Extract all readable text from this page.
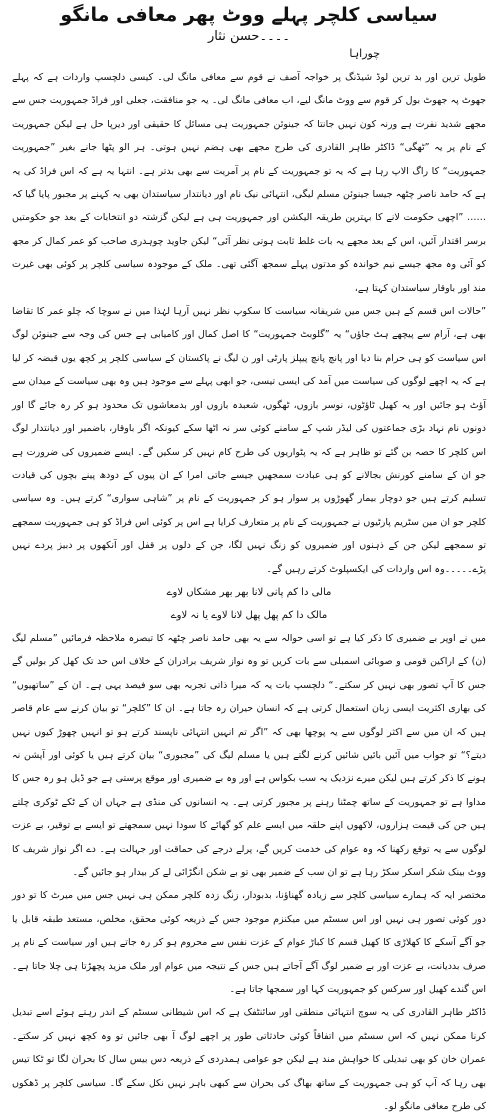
سیاسی کلچر پہلے ووٹ پھر معافی مانگو

۔۔۔۔حسن نثار

چوراہا

طویل ترین اور بد ترین لوڈ شیڈنگ پر خواجہ آصف نے قوم سے معافی مانگ لی۔ کیسی دلچسپ واردات ہے کہ پہلے جھوٹ پہ جھوٹ بول کر قوم سے ووٹ مانگ لیے، اب معافی مانگ لی۔ یہ جو منافقت، جعلی اور فراڈ جمہوریت جس سے مجھے شدید نفرت ہے ورنہ کون نہیں جانتا کہ جینوئن جمہوریت ہی مسائل کا حقیقی اور دیرپا حل ہے لیکن جمہوریت کے نام پر یہ ”ٹھگی“ ڈاکٹر طاہر القادری کی طرح مجھے بھی ہضم نہیں ہوتی۔ ہر الو پٹھا جانے بغیر ”جمہوریت جمہوریت“ کا راگ الاپ رہا ہے کہ یہ تو جمہوریت کے نام پر آمریت سے بھی بدتر ہے۔ انتہا یہ ہے کہ اس فراڈ کی یہ ہے کہ حامد ناصر چٹھہ جیسا جینوئن مسلم لیگی، انتہائی نیک نام اور دیانتدار سیاستدان بھی یہ کہنے پر مجبور پایا گیا کہ …… ”اچھی حکومت لانے کا بہترین طریقہ الیکشن اور جمہوریت ہی ہے لیکن گزشتہ دو انتخابات کے بعد جو حکومتیں برسر اقتدار آئیں، اس کے بعد مجھے یہ بات غلط ثابت ہوتی نظر آئی“ لیکن جاوید چوہدری صاحب کو عمر کمال کر مجھ کو آئی وہ مجھ جیسے نیم خواندہ کو مدتوں پہلے سمجھ آگئی تھی۔ ملک کے موجودہ سیاسی کلچر پر کوئی بھی غیرت مند اور باوقار سیاستدان کہتا ہے،

”حالات اس قسم کے ہیں جس میں شریفانہ سیاست کا سکوپ نظر نہیں آرہا لہٰذا میں نے سوچا کہ چلو عمر کا تقاضا بھی ہے، آرام سے پیچھے ہٹ جاؤں“ یہ ”گلوبٹ جمہوریت“ کا اصل کمال اور کامیابی ہے جس کی وجہ سے جینوئن لوگ اس سیاست کو ہی حرام بنا دیا اور پانچ پانچ پیپلز پارٹی اور ن لیگ نے پاکستان کے سیاسی کلچر پر کچھ یوں قبضہ کر لیا ہے کہ یہ اچھے لوگوں کی سیاست میں آمد کی ایسی تیسی، جو ابھی پہلے سے موجود ہیں وہ بھی سیاست کے میدان سے آؤٹ ہو جائیں اور یہ کھیل ٹاؤٹوں، نوسر بازوں، ٹھگوں، شعبدہ بازوں اور بدمعاشوں تک محدود ہو کر رہ جائے گا اور دونوں نام نہاد بڑی جماعتوں کی لیڈر شپ کے سامنے کوئی سر نہ اٹھا سکے کیونکہ اگر باوقار، باضمیر اور دیانتدار لوگ اس کلچر کا حصہ بن گئے تو ظاہر ہے کہ یہ پٹواریوں کی طرح کام نہیں کر سکیں گے۔ ایسے ضمیروں کی ضرورت ہے جو ان کے سامنے کورنش بجالانے کو ہی عبادت سمجھیں جیسے جاتی امرا کے ان پیوں کے دودھ پینے بچوں کی قیادت تسلیم کرتے ہیں جو دوچار بیمار گھوڑوں پر سوار ہو کر جمہوریت کے نام پر ”شاہی سواری“ کرتے ہیں۔ وہ سیاسی کلچر جو ان مین سٹریم پارٹیوں نے جمہوریت کے نام پر متعارف کرایا ہے اس پر کوئی اس فراڈ کو ہی جمہوریت سمجھے تو سمجھے لیکن جن کے ذہنوں اور ضمیروں کو زنگ نہیں لگا، جن کے دلوں پر قفل اور آنکھوں پر دبیز پردے نہیں پڑے۔۔۔۔۔وہ اس واردات کی ایکسپلوٹ کرتے رہیں گے۔

مالی دا کم پانی لانا بھر بھر مشکاں لاوے

مالک دا کم پھل پھل لانا لاوے یا نہ لاوے

میں نے اوپر بے ضمیری کا ذکر کیا ہے تو اسی حوالہ سے یہ بھی حامد ناصر چٹھہ کا تبصرہ ملاحظہ فرمائیں ”مسلم لیگ (ن) کے اراکین قومی و صوبائی اسمبلی سے بات کریں تو وہ نواز شریف برادران کے خلاف اس حد تک کھل کر بولیں گے جس کا آپ تصور بھی نہیں کر سکتے۔“ دلچسپ بات یہ کہ میرا ذاتی تجربہ بھی سو فیصد یہی ہے۔ ان کے ”ساتھیوں“ کی بھاری اکثریت ایسی زبان استعمال کرتی ہے کہ انسان حیران رہ جاتا ہے۔ ان کا ”کلچر“ تو بیان کرنے سے عام قاصر ہیں کہ ان میں سے اکثر لوگوں سے یہ پوچھا بھی کہ ”اگر تم انہیں انتہائی ناپسند کرتے ہو تو انہیں چھوڑ کیوں نہیں دیتے؟“ تو جواب میں آئیں بائیں شائیں کرنے لگتے ہیں یا مسلم لیگ کی ”مجبوری“ بیان کرتے ہیں یا کوئی اور آپشن نہ ہونے کا ذکر کرتے ہیں لیکن میرے نزدیک یہ سب بکواس ہے اور وہ بے ضمیری اور موقع پرستی ہے جو ڈیل ہو رہ جس کا مداوا ہے تو جمہوریت کے ساتھ چمٹنا رہنے پر مجبور کرتی ہے۔ یہ انسانوں کی منڈی ہے جہاں ان کے ٹکے ٹوکری چلتے ہیں جن کی قیمت ہزاروں، لاکھوں اپنے حلقہ میں ایسے علم کو گھائے کا سودا نہیں سمجھتے تو ایسے بے توقیر، بے عزت لوگوں سے یہ توقع رکھنا کہ وہ عوام کی خدمت کریں گے، پرلے درجے کی حماقت اور جہالت ہے۔ دے اگر نواز شریف کا ووٹ بینک شکر اسکر سکڑ رہا ہے تو ان سب کے ضمیر بھی تو بے شکن انگڑائی لے کر بیدار ہو جائیں گے۔

مختصر ایہ کہ ہمارے سیاسی کلچر سے زیادہ گھناؤنا، بدبودار، زنگ زدہ کلچر ممکن ہی نہیں جس میں میرٹ کا تو دور دور کوئی تصور ہی نہیں اور اس سسٹم میں میکنزم موجود جس کے ذریعہ کوئی محقق، مخلص، مستعد طبقہ قابل یا جو آگے آسکے کا کھلاڑی کا کھیل قسم کا کباڑ عوام کے عزت نفس سے محروم ہو کر رہ جاتے ہیں اور سیاست کے نام پر صرف بددیانت، بے عزت اور بے ضمیر لوگ آگے آجاتے ہیں جس کے نتیجہ میں عوام اور ملک مزید پچھڑتا ہی چلا جاتا ہے۔ اس گندے کھیل اور سرکس کو جمہوریت کہا اور سمجھا جاتا ہے۔

ڈاکٹر طاہر القادری کی یہ سوچ انتہائی منطقی اور سائنٹفک ہے کہ اس شیطانی سسٹم کے اندر رہتے ہوئے اسے تبدیل کرنا ممکن نہیں کہ اس سسٹم میں اتفاقاً کوئی حادثاتی طور پر اچھے لوگ آ بھی جائیں تو وہ کچھ نہیں کر سکتے۔ عمران خان کو بھی تبدیلی کا خواہش مند ہے لیکن جو عوامی ہمدردی کے ذریعہ دس بیس سال کا بحران لگا تو ٹکا تیس بھی رہا کہ آپ کو ہی جمہوریت کے ساتھ بھاگ کی بحران سے کبھی باہر نہیں نکل سکے گا۔ سیاسی کلچر پر ڈھکوں کی طرح معافی مانگو لو۔
